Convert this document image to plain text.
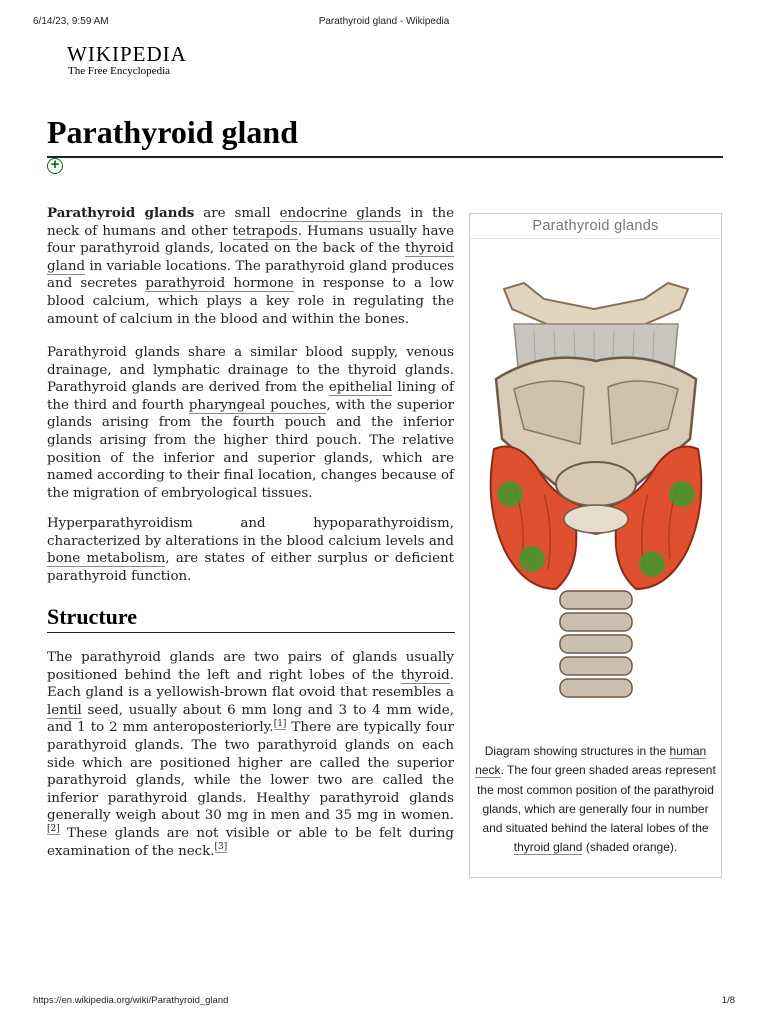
6/14/23, 9:59 AM	Parathyroid gland - Wikipedia
WIKIPEDIA
The Free Encyclopedia
Parathyroid gland
+

Parathyroid glands are small endocrine glands in the neck of humans and other tetrapods. Humans usually have four parathyroid glands, located on the back of the thyroid gland in variable locations. The parathyroid gland produces and secretes parathyroid hormone in response to a low blood calcium, which plays a key role in regulating the amount of calcium in the blood and within the bones.

Parathyroid glands share a similar blood supply, venous drainage, and lymphatic drainage to the thyroid glands. Parathyroid glands are derived from the epithelial lining of the third and fourth pharyngeal pouches, with the superior glands arising from the fourth pouch and the inferior glands arising from the higher third pouch. The relative position of the inferior and superior glands, which are named according to their final location, changes because of the migration of embryological tissues.

Hyperparathyroidism and hypoparathyroidism, characterized by alterations in the blood calcium levels and bone metabolism, are states of either surplus or deficient parathyroid function.

Structure

The parathyroid glands are two pairs of glands usually positioned behind the left and right lobes of the thyroid. Each gland is a yellowish-brown flat ovoid that resembles a lentil seed, usually about 6 mm long and 3 to 4 mm wide, and 1 to 2 mm anteroposteriorly.[1] There are typically four parathyroid glands. The two parathyroid glands on each side which are positioned higher are called the superior parathyroid glands, while the lower two are called the inferior parathyroid glands. Healthy parathyroid glands generally weigh about 30 mg in men and 35 mg in women.[2] These glands are not visible or able to be felt during examination of the neck.[3]

Parathyroid glands
Diagram showing structures in the human neck. The four green shaded areas represent the most common position of the parathyroid glands, which are generally four in number and situated behind the lateral lobes of the thyroid gland (shaded orange).
https://en.wikipedia.org/wiki/Parathyroid_gland	1/8
